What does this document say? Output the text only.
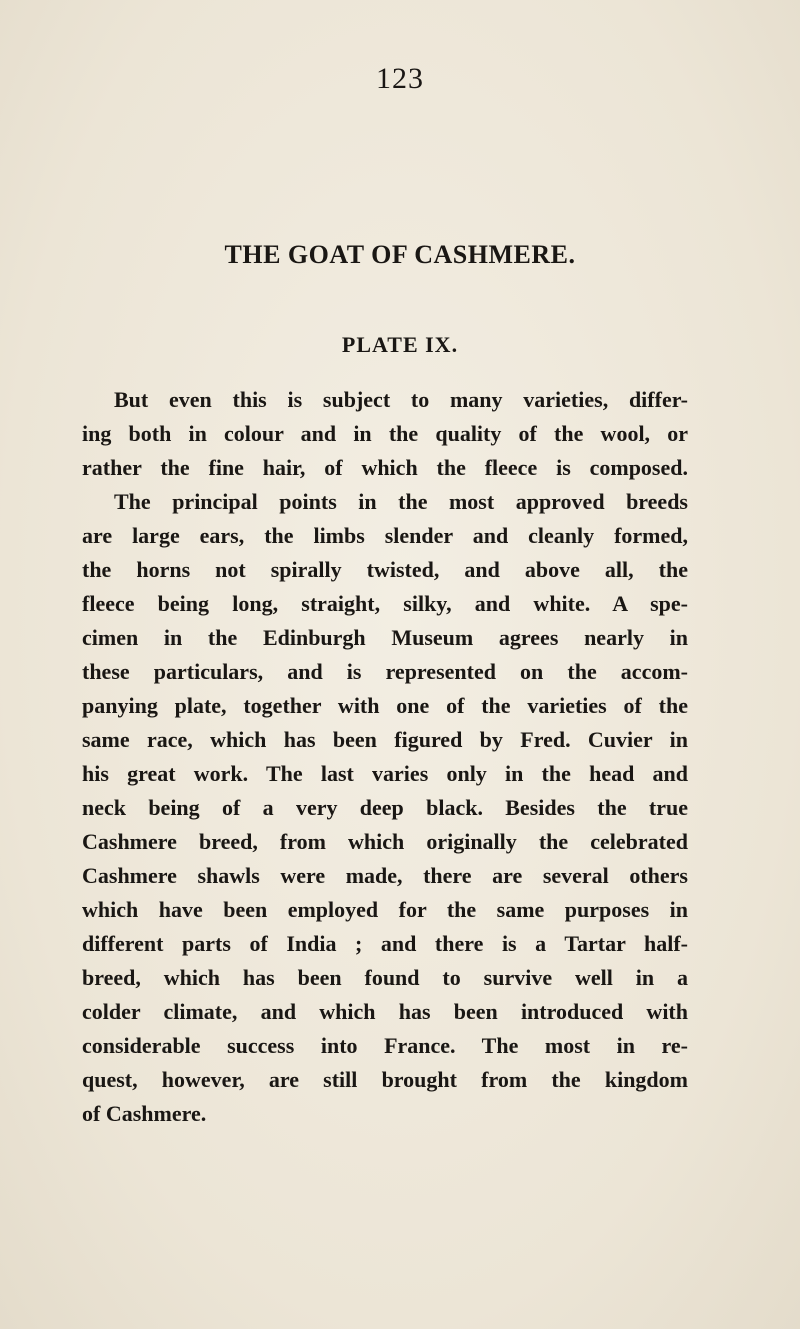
123
THE GOAT OF CASHMERE.
PLATE IX.
But even this is subject to many varieties, differ-
ing both in colour and in the quality of the wool, or
rather the fine hair, of which the fleece is composed.
The principal points in the most approved breeds
are large ears, the limbs slender and cleanly formed,
the horns not spirally twisted, and above all, the
fleece being long, straight, silky, and white. A spe-
cimen in the Edinburgh Museum agrees nearly in
these particulars, and is represented on the accom-
panying plate, together with one of the varieties of the
same race, which has been figured by Fred. Cuvier in
his great work. The last varies only in the head and
neck being of a very deep black. Besides the true
Cashmere breed, from which originally the celebrated
Cashmere shawls were made, there are several others
which have been employed for the same purposes in
different parts of India ; and there is a Tartar half-
breed, which has been found to survive well in a
colder climate, and which has been introduced with
considerable success into France. The most in re-
quest, however, are still brought from the kingdom
of Cashmere.
